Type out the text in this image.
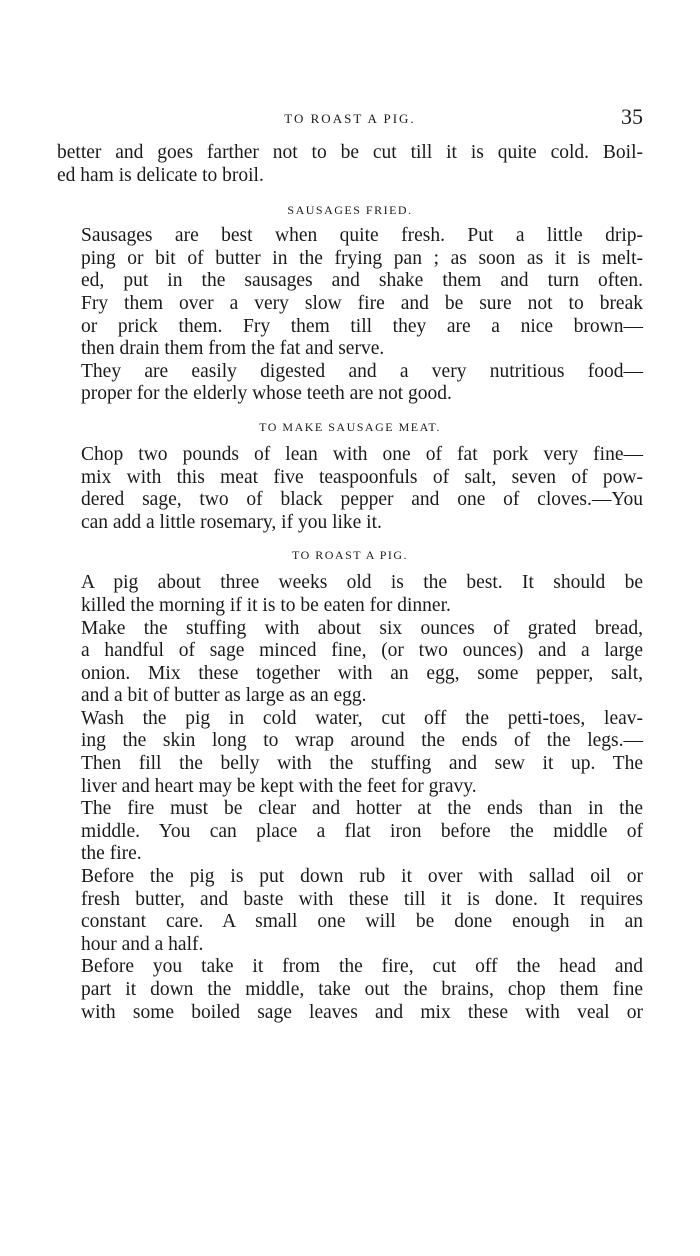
TO ROAST A PIG.	35

better and goes farther not to be cut till it is quite cold. Boil-
ed ham is delicate to broil.

SAUSAGES FRIED.

Sausages are best when quite fresh. Put a little drip-
ping or bit of butter in the frying pan ; as soon as it is melt-
ed, put in the sausages and shake them and turn often.
Fry them over a very slow fire and be sure not to break
or prick them. Fry them till they are a nice brown—
then drain them from the fat and serve.

They are easily digested and a very nutritious food—
proper for the elderly whose teeth are not good.

TO MAKE SAUSAGE MEAT.

Chop two pounds of lean with one of fat pork very fine—
mix with this meat five teaspoonfuls of salt, seven of pow-
dered sage, two of black pepper and one of cloves.—You
can add a little rosemary, if you like it.

TO ROAST A PIG.

A pig about three weeks old is the best. It should be
killed the morning if it is to be eaten for dinner.

Make the stuffing with about six ounces of grated bread,
a handful of sage minced fine, (or two ounces) and a large
onion. Mix these together with an egg, some pepper, salt,
and a bit of butter as large as an egg.

Wash the pig in cold water, cut off the petti-toes, leav-
ing the skin long to wrap around the ends of the legs.—
Then fill the belly with the stuffing and sew it up. The
liver and heart may be kept with the feet for gravy.

The fire must be clear and hotter at the ends than in the
middle. You can place a flat iron before the middle of
the fire.

Before the pig is put down rub it over with sallad oil or
fresh butter, and baste with these till it is done. It requires
constant care. A small one will be done enough in an
hour and a half.

Before you take it from the fire, cut off the head and
part it down the middle, take out the brains, chop them fine
with some boiled sage leaves and mix these with veal or
